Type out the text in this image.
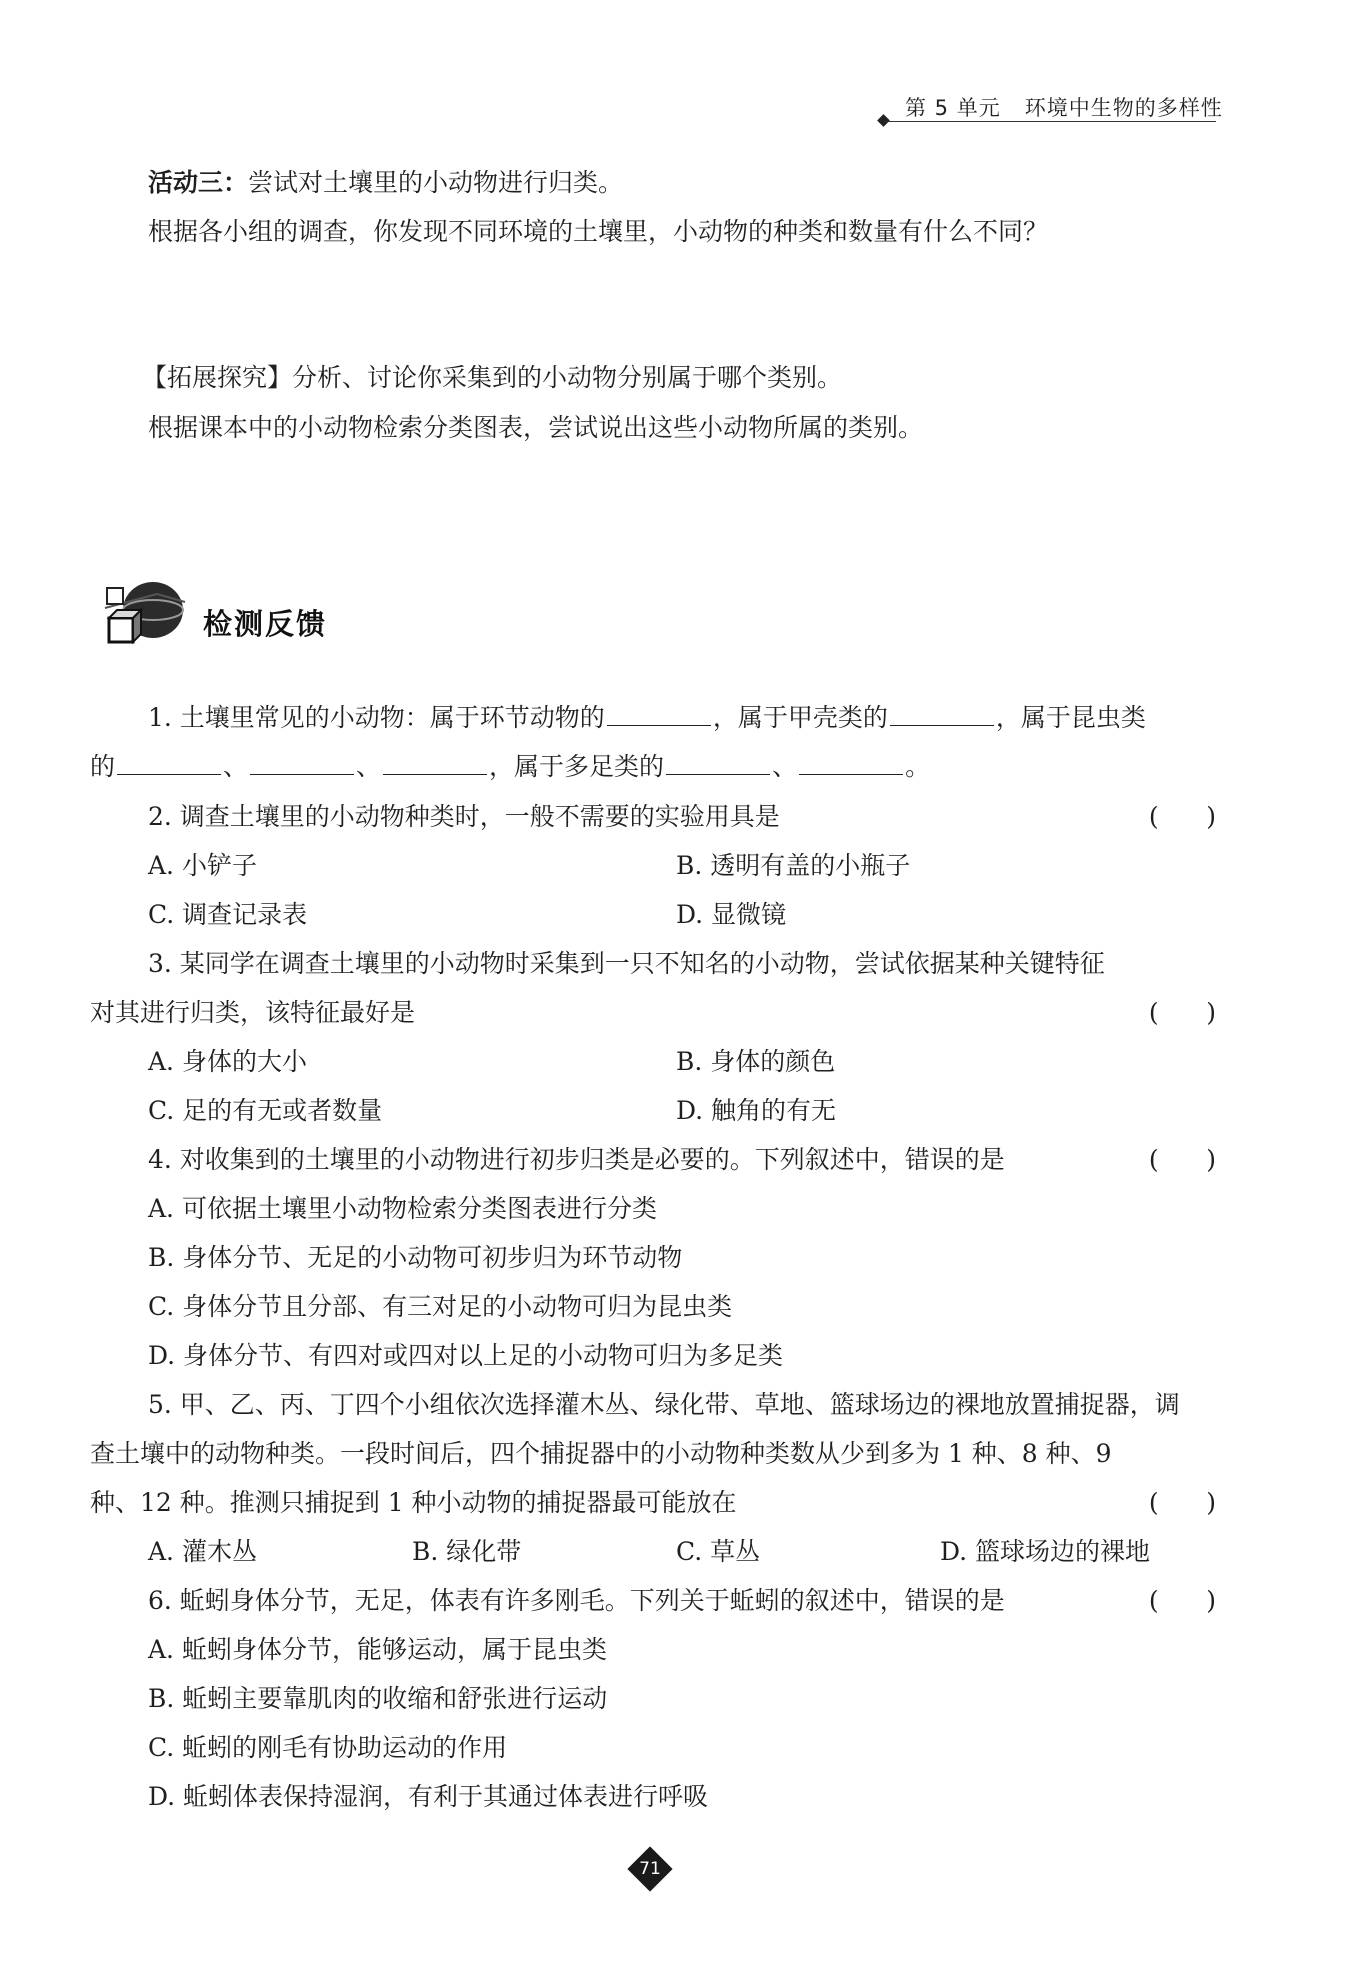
第 5 单元 环境中生物的多样性
活动三：尝试对土壤里的小动物进行归类。
根据各小组的调查，你发现不同环境的土壤里，小动物的种类和数量有什么不同？
【拓展探究】分析、讨论你采集到的小动物分别属于哪个类别。
根据课本中的小动物检索分类图表，尝试说出这些小动物所属的类别。
检测反馈
1. 土壤里常见的小动物：属于环节动物的	，属于甲壳类的	，属于昆虫类
的	、	、	，属于多足类的	、	。
2. 调查土壤里的小动物种类时，一般不需要的实验用具是	(      )
A. 小铲子	B. 透明有盖的小瓶子
C. 调查记录表	D. 显微镜
3. 某同学在调查土壤里的小动物时采集到一只不知名的小动物，尝试依据某种关键特征
对其进行归类，该特征最好是	(      )
A. 身体的大小	B. 身体的颜色
C. 足的有无或者数量	D. 触角的有无
4. 对收集到的土壤里的小动物进行初步归类是必要的。下列叙述中，错误的是	(      )
A. 可依据土壤里小动物检索分类图表进行分类
B. 身体分节、无足的小动物可初步归为环节动物
C. 身体分节且分部、有三对足的小动物可归为昆虫类
D. 身体分节、有四对或四对以上足的小动物可归为多足类
5. 甲、乙、丙、丁四个小组依次选择灌木丛、绿化带、草地、篮球场边的裸地放置捕捉器，调
查土壤中的动物种类。一段时间后，四个捕捉器中的小动物种类数从少到多为 1 种、8 种、9
种、12 种。推测只捕捉到 1 种小动物的捕捉器最可能放在	(      )
A. 灌木丛	B. 绿化带	C. 草丛	D. 篮球场边的裸地
6. 蚯蚓身体分节，无足，体表有许多刚毛。下列关于蚯蚓的叙述中，错误的是	(      )
A. 蚯蚓身体分节，能够运动，属于昆虫类
B. 蚯蚓主要靠肌肉的收缩和舒张进行运动
C. 蚯蚓的刚毛有协助运动的作用
D. 蚯蚓体表保持湿润，有利于其通过体表进行呼吸
71
